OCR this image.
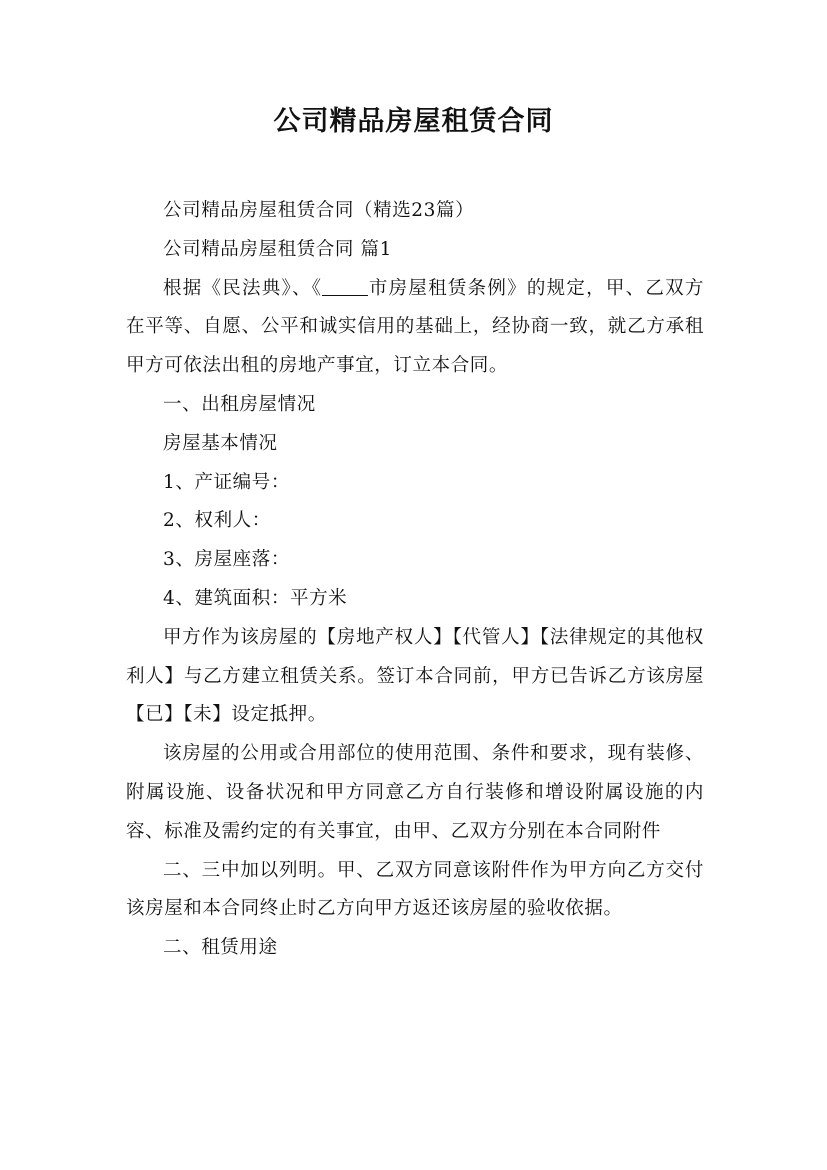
公司精品房屋租赁合同

公司精品房屋租赁合同（精选23篇）

公司精品房屋租赁合同 篇1

根据《民法典》、《 市房屋租赁条例》的规定，甲、乙双方在平等、自愿、公平和诚实信用的基础上，经协商一致，就乙方承租甲方可依法出租的房地产事宜，订立本合同。

一、出租房屋情况

房屋基本情况

1、产证编号：

2、权利人：

3、房屋座落：

4、建筑面积：平方米

甲方作为该房屋的【房地产权人】【代管人】【法律规定的其他权利人】与乙方建立租赁关系。签订本合同前，甲方已告诉乙方该房屋【已】【未】设定抵押。

该房屋的公用或合用部位的使用范围、条件和要求，现有装修、附属设施、设备状况和甲方同意乙方自行装修和增设附属设施的内容、标准及需约定的有关事宜，由甲、乙双方分别在本合同附件

二、三中加以列明。甲、乙双方同意该附件作为甲方向乙方交付该房屋和本合同终止时乙方向甲方返还该房屋的验收依据。

二、租赁用途
